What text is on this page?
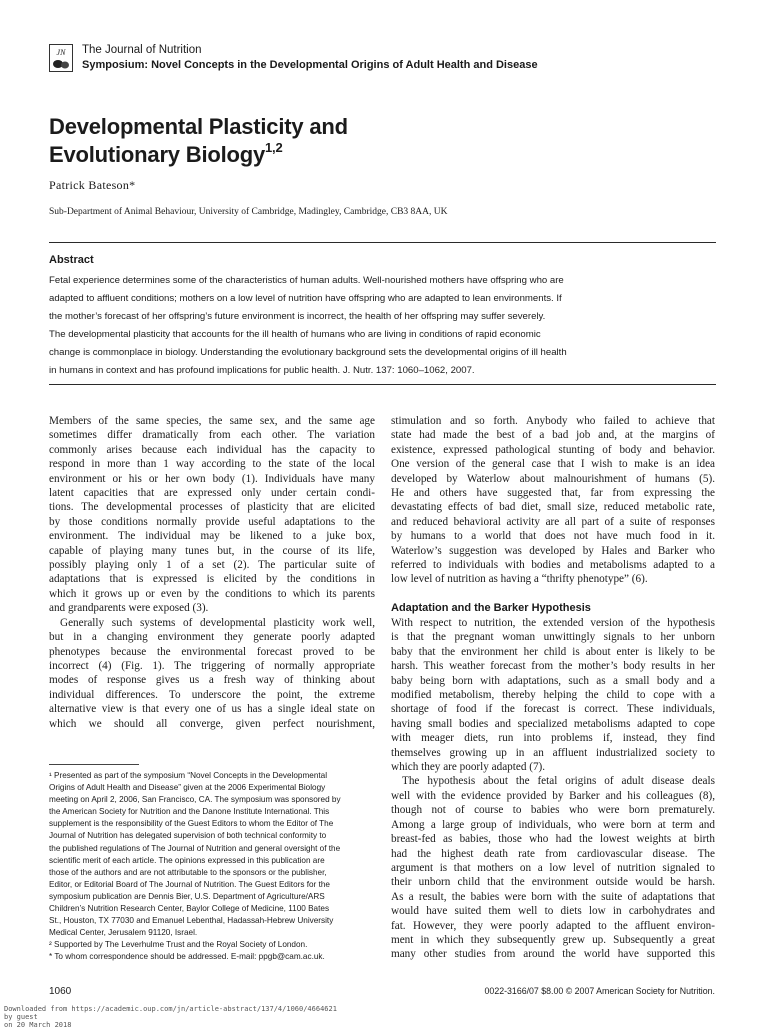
JN The Journal of Nutrition
Symposium: Novel Concepts in the Developmental Origins of Adult Health and Disease
Developmental Plasticity and
Evolutionary Biology$^{1,2}$
Patrick Bateson*
Sub-Department of Animal Behaviour, University of Cambridge, Madingley, Cambridge, CB3 8AA, UK
Abstract
Fetal experience determines some of the characteristics of human adults. Well-nourished mothers have offspring who are
adapted to affluent conditions; mothers on a low level of nutrition have offspring who are adapted to lean environments. If
the mother’s forecast of her offspring’s future environment is incorrect, the health of her offspring may suffer severely.
The developmental plasticity that accounts for the ill health of humans who are living in conditions of rapid economic
change is commonplace in biology. Understanding the evolutionary background sets the developmental origins of ill health
in humans in context and has profound implications for public health. J. Nutr. 137: 1060–1062, 2007.
Members of the same species, the same sex, and the same age
sometimes differ dramatically from each other. The variation
commonly arises because each individual has the capacity to
respond in more than 1 way according to the state of the local
environment or his or her own body (1). Individuals have many
latent capacities that are expressed only under certain condi-
tions. The developmental processes of plasticity that are elicited
by those conditions normally provide useful adaptations to the
environment. The individual may be likened to a juke box,
capable of playing many tunes but, in the course of its life,
possibly playing only 1 of a set (2). The particular suite of
adaptations that is expressed is elicited by the conditions in
which it grows up or even by the conditions to which its parents
and grandparents were exposed (3).
Generally such systems of developmental plasticity work well,
but in a changing environment they generate poorly adapted
phenotypes because the environmental forecast proved to be
incorrect (4) (Fig. 1). The triggering of normally appropriate
modes of response gives us a fresh way of thinking about
individual differences. To underscore the point, the extreme
alternative view is that every one of us has a single ideal state on
which we should all converge, given perfect nourishment,
stimulation and so forth. Anybody who failed to achieve that
state had made the best of a bad job and, at the margins of
existence, expressed pathological stunting of body and behavior.
One version of the general case that I wish to make is an idea
developed by Waterlow about malnourishment of humans (5).
He and others have suggested that, far from expressing the
devastating effects of bad diet, small size, reduced metabolic rate,
and reduced behavioral activity are all part of a suite of responses
by humans to a world that does not have much food in it.
Waterlow’s suggestion was developed by Hales and Barker who
referred to individuals with bodies and metabolisms adapted to a
low level of nutrition as having a “thrifty phenotype” (6).
Adaptation and the Barker Hypothesis
With respect to nutrition, the extended version of the hypothesis
is that the pregnant woman unwittingly signals to her unborn
baby that the environment her child is about enter is likely to be
harsh. This weather forecast from the mother’s body results in her
baby being born with adaptations, such as a small body and a
modified metabolism, thereby helping the child to cope with a
shortage of food if the forecast is correct. These individuals,
having small bodies and specialized metabolisms adapted to cope
with meager diets, run into problems if, instead, they find
themselves growing up in an affluent industrialized society to
which they are poorly adapted (7).
The hypothesis about the fetal origins of adult disease deals
well with the evidence provided by Barker and his colleagues (8),
though not of course to babies who were born prematurely.
Among a large group of individuals, who were born at term and
breast-fed as babies, those who had the lowest weights at birth
had the highest death rate from cardiovascular disease. The
argument is that mothers on a low level of nutrition signaled to
their unborn child that the environment outside would be harsh.
As a result, the babies were born with the suite of adaptations that
would have suited them well to diets low in carbohydrates and
fat. However, they were poorly adapted to the affluent environ-
ment in which they subsequently grew up. Subsequently a great
many other studies from around the world have supported this
¹ Presented as part of the symposium “Novel Concepts in the Developmental
Origins of Adult Health and Disease” given at the 2006 Experimental Biology
meeting on April 2, 2006, San Francisco, CA. The symposium was sponsored by
the American Society for Nutrition and the Danone Institute International. This
supplement is the responsibility of the Guest Editors to whom the Editor of The
Journal of Nutrition has delegated supervision of both technical conformity to
the published regulations of The Journal of Nutrition and general oversight of the
scientific merit of each article. The opinions expressed in this publication are
those of the authors and are not attributable to the sponsors or the publisher,
Editor, or Editorial Board of The Journal of Nutrition. The Guest Editors for the
symposium publication are Dennis Bier, U.S. Department of Agriculture/ARS
Children’s Nutrition Research Center, Baylor College of Medicine, 1100 Bates
St., Houston, TX 77030 and Emanuel Lebenthal, Hadassah-Hebrew University
Medical Center, Jerusalem 91120, Israel.
² Supported by The Leverhulme Trust and the Royal Society of London.
* To whom correspondence should be addressed. E-mail: ppgb@cam.ac.uk.
1060	0022-3166/07 $8.00 © 2007 American Society for Nutrition.
Downloaded from https://academic.oup.com/jn/article-abstract/137/4/1060/4664621
by guest
on 20 March 2018
